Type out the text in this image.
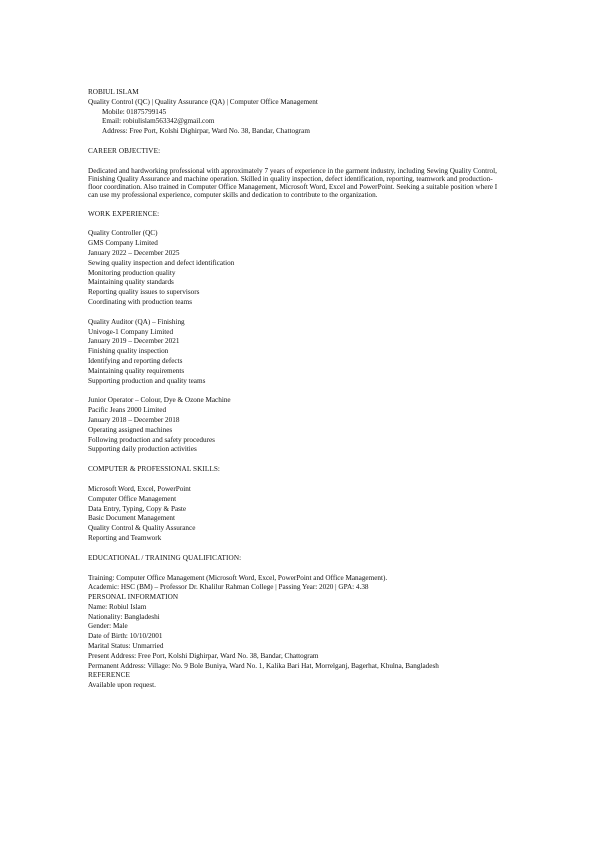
ROBIUL ISLAM
Quality Control (QC) | Quality Assurance (QA) | Computer Office Management
Mobile: 01875799145
Email: robiulislam563342@gmail.com
Address: Free Port, Kolshi Dighirpar, Ward No. 38, Bandar, Chattogram
CAREER OBJECTIVE:
Dedicated and hardworking professional with approximately 7 years of experience in the garment industry, including Sewing Quality Control, Finishing Quality Assurance and machine operation. Skilled in quality inspection, defect identification, reporting, teamwork and production-floor coordination. Also trained in Computer Office Management, Microsoft Word, Excel and PowerPoint. Seeking a suitable position where I can use my professional experience, computer skills and dedication to contribute to the organization.
WORK EXPERIENCE:
Quality Controller (QC)
GMS Company Limited
January 2022 – December 2025
Sewing quality inspection and defect identification
Monitoring production quality
Maintaining quality standards
Reporting quality issues to supervisors
Coordinating with production teams
Quality Auditor (QA) – Finishing
Univoge-1 Company Limited
January 2019 – December 2021
Finishing quality inspection
Identifying and reporting defects
Maintaining quality requirements
Supporting production and quality teams
Junior Operator – Colour, Dye & Ozone Machine
Pacific Jeans 2000 Limited
January 2018 – December 2018
Operating assigned machines
Following production and safety procedures
Supporting daily production activities
COMPUTER & PROFESSIONAL SKILLS:
Microsoft Word, Excel, PowerPoint
Computer Office Management
Data Entry, Typing, Copy & Paste
Basic Document Management
Quality Control & Quality Assurance
Reporting and Teamwork
EDUCATIONAL / TRAINING QUALIFICATION:
Training: Computer Office Management (Microsoft Word, Excel, PowerPoint and Office Management).
Academic: HSC (BM) – Professor Dr. Khalilur Rahman College | Passing Year: 2020 | GPA: 4.38
PERSONAL INFORMATION
Name: Robiul Islam
Nationality: Bangladeshi
Gender: Male
Date of Birth: 10/10/2001
Marital Status: Unmarried
Present Address: Free Port, Kolshi Dighirpar, Ward No. 38, Bandar, Chattogram
Permanent Address: Village: No. 9 Bole Buniya, Ward No. 1, Kalika Bari Hat, Morrelganj, Bagerhat, Khulna, Bangladesh
REFERENCE
Available upon request.
